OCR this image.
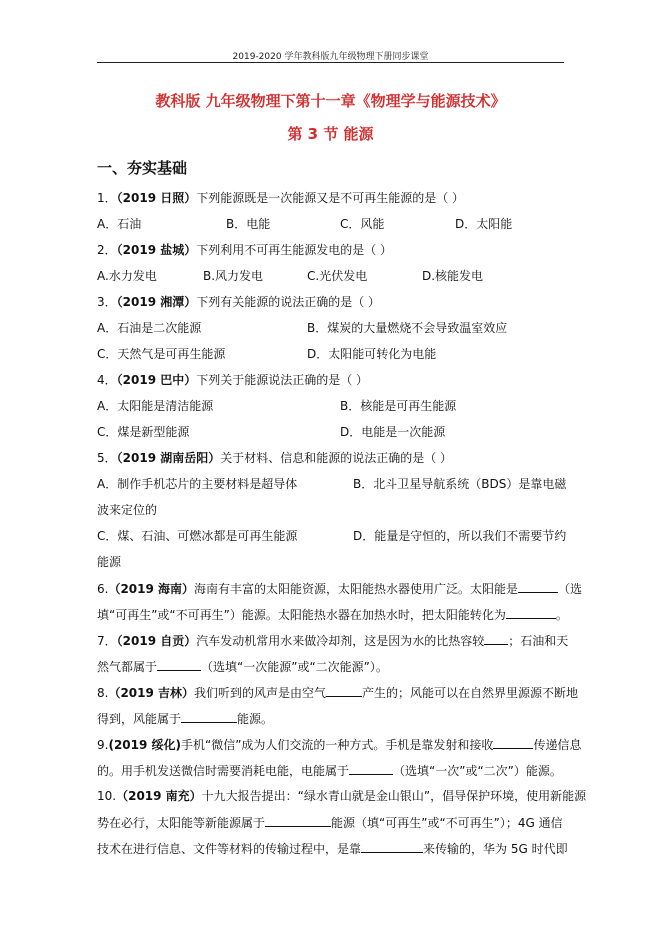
2019-2020 学年教科版九年级物理下册同步课堂
教科版 九年级物理下第十一章《物理学与能源技术》
第 3 节 能源
一、夯实基础
1．（2019 日照）下列能源既是一次能源又是不可再生能源的是（ ）
A．石油	B．电能	C．风能	D．太阳能
2．（2019 盐城）下列利用不可再生能源发电的是（ ）
A.水力发电	B.风力发电	C.光伏发电	D.核能发电
3．（2019 湘潭）下列有关能源的说法正确的是（ ）
A．石油是二次能源	B．煤炭的大量燃烧不会导致温室效应
C．天然气是可再生能源	D．太阳能可转化为电能
4．（2019 巴中）下列关于能源说法正确的是（ ）
A．太阳能是清洁能源	B．核能是可再生能源
C．煤是新型能源	D．电能是一次能源
5．（2019 湖南岳阳）关于材料、信息和能源的说法正确的是（ ）
A．制作手机芯片的主要材料是超导体	B．北斗卫星导航系统（BDS）是靠电磁
波来定位的
C．煤、石油、可燃冰都是可再生能源	D．能量是守恒的，所以我们不需要节约
能源
6.（2019 海南）海南有丰富的太阳能资源，太阳能热水器使用广泛。太阳能是	（选
填“可再生”或“不可再生”）能源。太阳能热水器在加热水时，把太阳能转化为	。
7．（2019 自贡）汽车发动机常用水来做冷却剂，这是因为水的比热容较 ；石油和天
然气都属于	（选填“一次能源”或“二次能源”）。
8.（2019 吉林）我们听到的风声是由空气	产生的；风能可以在自然界里源源不断地
得到，风能属于	能源。
9.(2019 绥化)手机“微信”成为人们交流的一种方式。手机是靠发射和接收	传递信息
的。用手机发送微信时需要消耗电能，电能属于	（选填“一次”或“二次”）能源。
10.（2019 南充）十九大报告提出：“绿水青山就是金山银山”，倡导保护环境，使用新能源
势在必行，太阳能等新能源属于	能源（填“可再生”或“不可再生”）；4G 通信
技术在进行信息、文件等材料的传输过程中，是靠	来传输的，华为 5G 时代即
